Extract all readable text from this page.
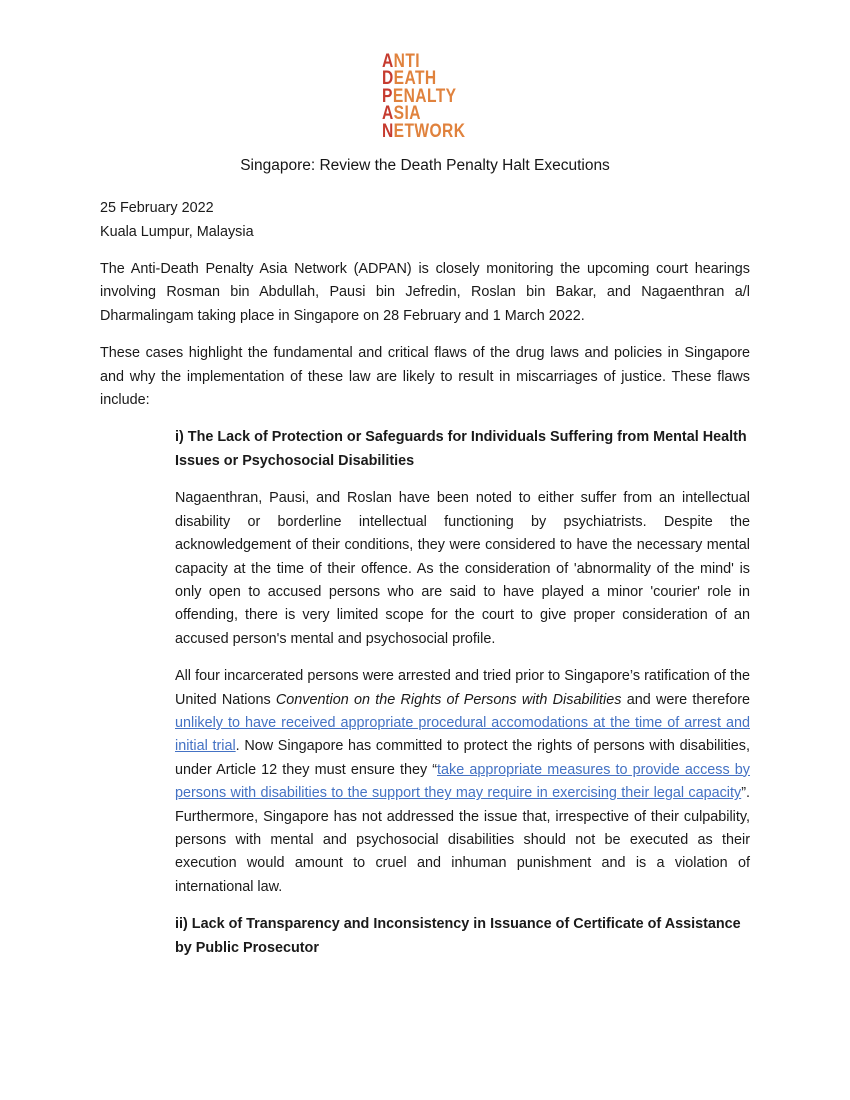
ANTI
DEATH
PENALTY
ASIA
NETWORK
Singapore: Review the Death Penalty Halt Executions

25 February 2022

Kuala Lumpur, Malaysia

The Anti-Death Penalty Asia Network (ADPAN) is closely monitoring the upcoming court hearings involving Rosman bin Abdullah, Pausi bin Jefredin, Roslan bin Bakar, and Nagaenthran a/l Dharmalingam taking place in Singapore on 28 February and 1 March 2022.

These cases highlight the fundamental and critical flaws of the drug laws and policies in Singapore and why the implementation of these law are likely to result in miscarriages of justice. These flaws include:

i) The Lack of Protection or Safeguards for Individuals Suffering from Mental Health Issues or Psychosocial Disabilities

Nagaenthran, Pausi, and Roslan have been noted to either suffer from an intellectual disability or borderline intellectual functioning by psychiatrists. Despite the acknowledgement of their conditions, they were considered to have the necessary mental capacity at the time of their offence. As the consideration of 'abnormality of the mind' is only open to accused persons who are said to have played a minor 'courier' role in offending, there is very limited scope for the court to give proper consideration of an accused person's mental and psychosocial profile.

All four incarcerated persons were arrested and tried prior to Singapore’s ratification of the United Nations Convention on the Rights of Persons with Disabilities and were therefore unlikely to have received appropriate procedural accomodations at the time of arrest and initial trial. Now Singapore has committed to protect the rights of persons with disabilities, under Article 12 they must ensure they “take appropriate measures to provide access by persons with disabilities to the support they may require in exercising their legal capacity”. Furthermore, Singapore has not addressed the issue that, irrespective of their culpability, persons with mental and psychosocial disabilities should not be executed as their execution would amount to cruel and inhuman punishment and is a violation of international law.

ii) Lack of Transparency and Inconsistency in Issuance of Certificate of Assistance by Public Prosecutor
